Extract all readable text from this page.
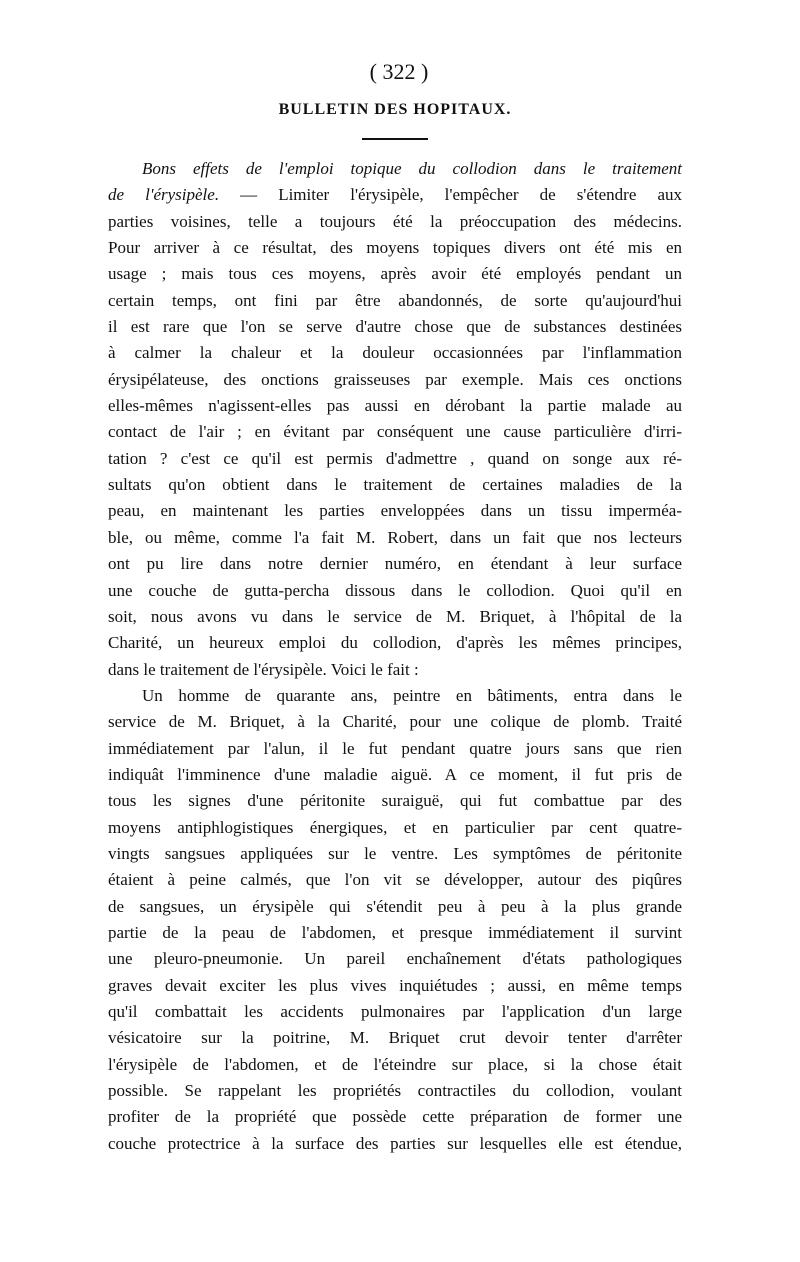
( 322 )
BULLETIN DES HOPITAUX.
Bons effets de l'emploi topique du collodion dans le traitement
de l'érysipèle. — Limiter l'érysipèle, l'empêcher de s'étendre aux
parties voisines, telle a toujours été la préoccupation des médecins.
Pour arriver à ce résultat, des moyens topiques divers ont été mis en
usage ; mais tous ces moyens, après avoir été employés pendant un
certain temps, ont fini par être abandonnés, de sorte qu'aujourd'hui
il est rare que l'on se serve d'autre chose que de substances destinées
à calmer la chaleur et la douleur occasionnées par l'inflammation
érysipélateuse, des onctions graisseuses par exemple. Mais ces onctions
elles-mêmes n'agissent-elles pas aussi en dérobant la partie malade au
contact de l'air ; en évitant par conséquent une cause particulière d'irri-
tation ? c'est ce qu'il est permis d'admettre , quand on songe aux ré-
sultats qu'on obtient dans le traitement de certaines maladies de la
peau, en maintenant les parties enveloppées dans un tissu imperméa-
ble, ou même, comme l'a fait M. Robert, dans un fait que nos lecteurs
ont pu lire dans notre dernier numéro, en étendant à leur surface
une couche de gutta-percha dissous dans le collodion. Quoi qu'il en
soit, nous avons vu dans le service de M. Briquet, à l'hôpital de la
Charité, un heureux emploi du collodion, d'après les mêmes principes,
dans le traitement de l'érysipèle. Voici le fait :
Un homme de quarante ans, peintre en bâtiments, entra dans le
service de M. Briquet, à la Charité, pour une colique de plomb. Traité
immédiatement par l'alun, il le fut pendant quatre jours sans que rien
indiquât l'imminence d'une maladie aiguë. A ce moment, il fut pris de
tous les signes d'une péritonite suraiguë, qui fut combattue par des
moyens antiphlogistiques énergiques, et en particulier par cent quatre-
vingts sangsues appliquées sur le ventre. Les symptômes de péritonite
étaient à peine calmés, que l'on vit se développer, autour des piqûres
de sangsues, un érysipèle qui s'étendit peu à peu à la plus grande
partie de la peau de l'abdomen, et presque immédiatement il survint
une pleuro-pneumonie. Un pareil enchaînement d'états pathologiques
graves devait exciter les plus vives inquiétudes ; aussi, en même temps
qu'il combattait les accidents pulmonaires par l'application d'un large
vésicatoire sur la poitrine, M. Briquet crut devoir tenter d'arrêter
l'érysipèle de l'abdomen, et de l'éteindre sur place, si la chose était
possible. Se rappelant les propriétés contractiles du collodion, voulant
profiter de la propriété que possède cette préparation de former une
couche protectrice à la surface des parties sur lesquelles elle est étendue,
